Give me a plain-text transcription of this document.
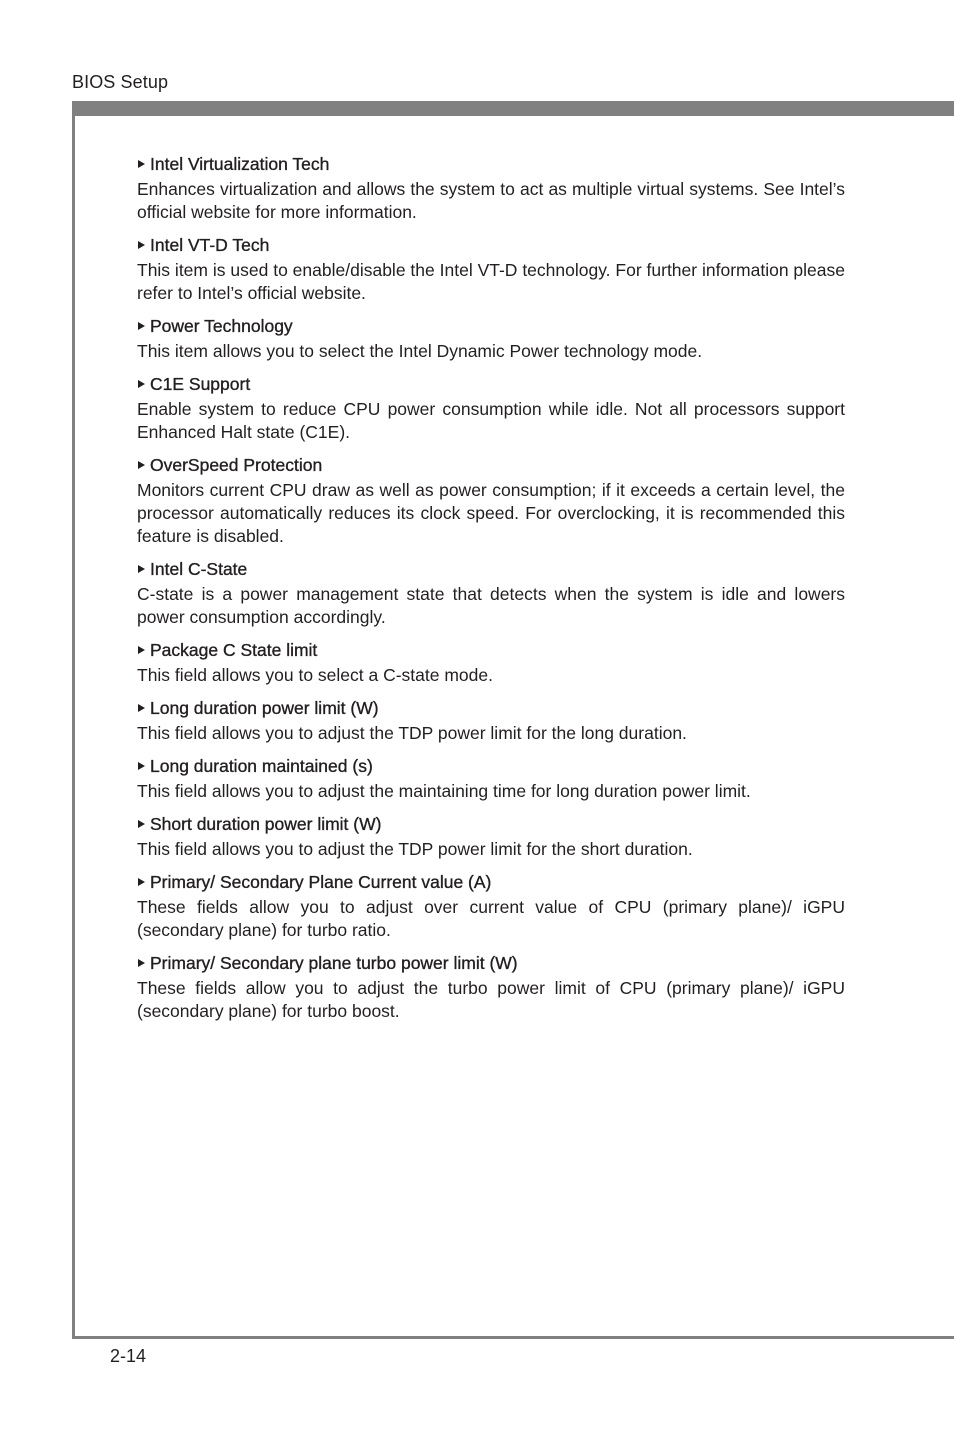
BIOS Setup
Intel Virtualization Tech
Enhances virtualization and allows the system to act as multiple virtual systems. See Intel’s official website for more information.
Intel VT-D Tech
This item is used to enable/disable the Intel VT-D technology. For further information please refer to Intel’s official website.
Power Technology
This item allows you to select the Intel Dynamic Power technology mode.
C1E Support
Enable system to reduce CPU power consumption while idle. Not all processors support Enhanced Halt state (C1E).
OverSpeed Protection
Monitors current CPU draw as well as power consumption; if it exceeds a certain level, the processor automatically reduces its clock speed. For overclocking, it is recommended this feature is disabled.
Intel C-State
C-state is a power management state that detects when the system is idle and lowers power consumption accordingly.
Package C State limit
This field allows you to select a C-state mode.
Long duration power limit (W)
This field allows you to adjust the TDP power limit for the long duration.
Long duration maintained (s)
This field allows you to adjust the maintaining time for long duration power limit.
Short duration power limit (W)
This field allows you to adjust the TDP power limit for the short duration.
Primary/ Secondary Plane Current value (A)
These fields allow you to adjust over current value of CPU (primary plane)/ iGPU (secondary plane) for turbo ratio.
Primary/ Secondary plane turbo power limit (W)
These fields allow you to adjust the turbo power limit of CPU (primary plane)/ iGPU (secondary plane) for turbo boost.
2-14
